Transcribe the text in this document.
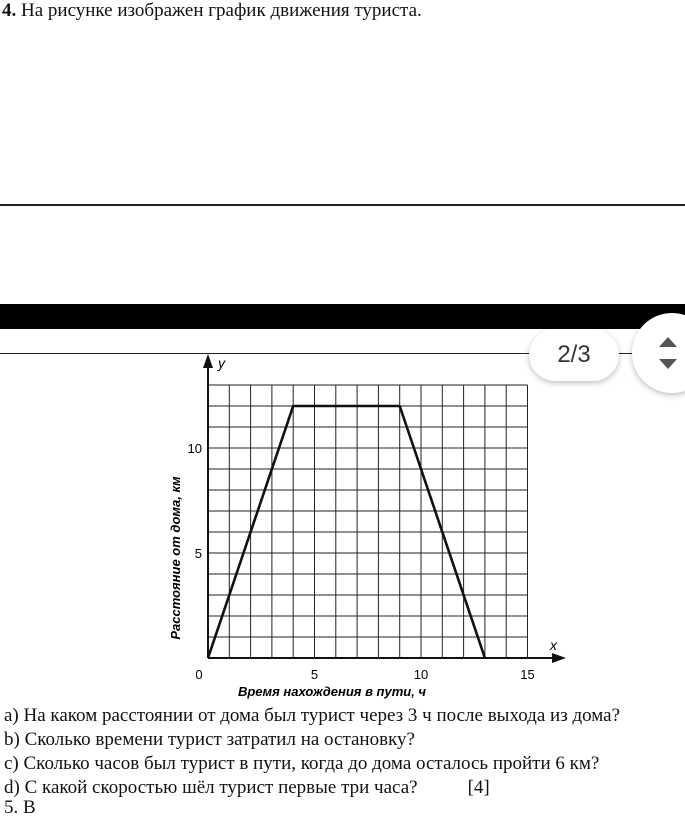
4. На рисунке изображен график движения туриста.
y
x
0	5	10	15
5
10
Время нахождения в пути, ч
Расстояние от дома, км
2/3
a) На каком расстоянии от дома был турист через 3 ч после выхода из дома?
b) Сколько времени турист затратил на остановку?
c) Сколько часов был турист в пути, когда до дома осталось пройти 6 км?
d) С какой скоростью шёл турист первые три часа?	[4]
5. В
